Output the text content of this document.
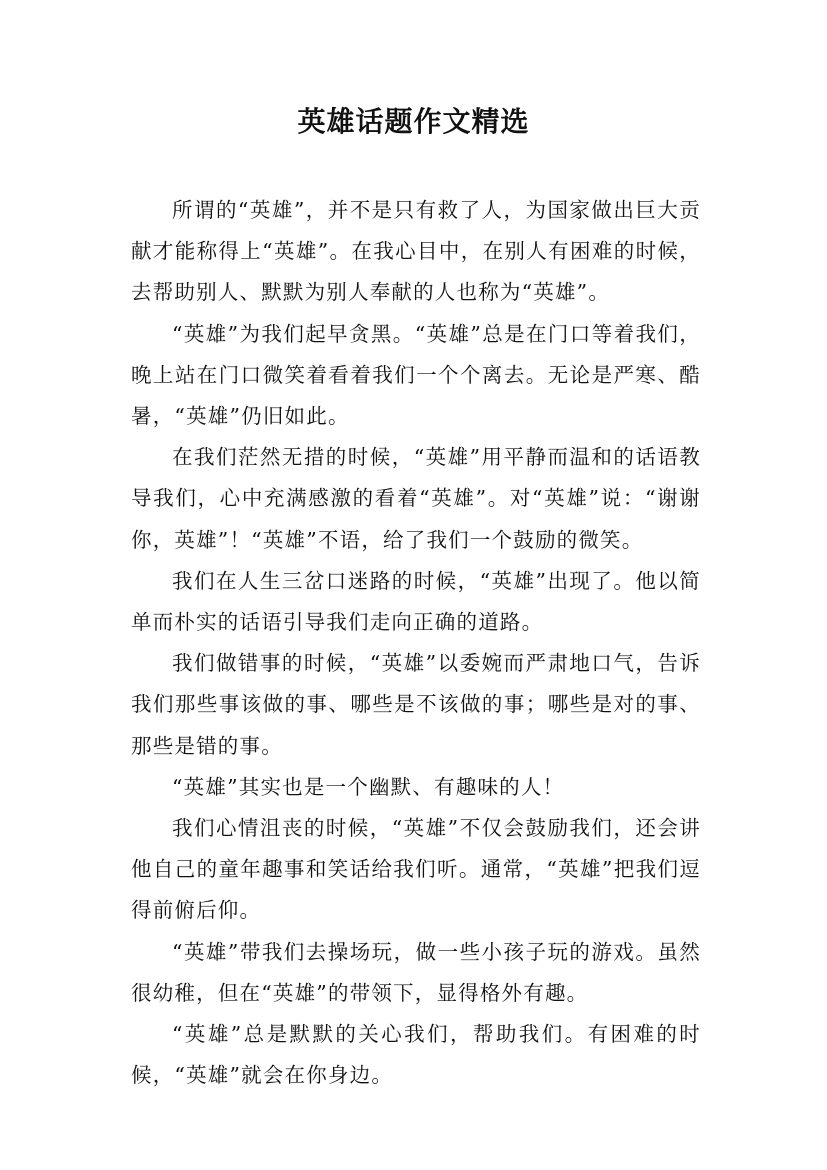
英雄话题作文精选

所谓的“英雄”，并不是只有救了人，为国家做出巨大贡献才能称得上“英雄”。在我心目中，在别人有困难的时候，去帮助别人、默默为别人奉献的人也称为“英雄”。

“英雄”为我们起早贪黑。“英雄”总是在门口等着我们，晚上站在门口微笑着看着我们一个个离去。无论是严寒、酷暑，“英雄”仍旧如此。

在我们茫然无措的时候，“英雄”用平静而温和的话语教导我们，心中充满感激的看着“英雄”。对“英雄”说：“谢谢你，英雄”！“英雄”不语，给了我们一个鼓励的微笑。

我们在人生三岔口迷路的时候，“英雄”出现了。他以简单而朴实的话语引导我们走向正确的道路。

我们做错事的时候，“英雄”以委婉而严肃地口气，告诉我们那些事该做的事、哪些是不该做的事；哪些是对的事、那些是错的事。

“英雄”其实也是一个幽默、有趣味的人！

我们心情沮丧的时候，“英雄”不仅会鼓励我们，还会讲他自己的童年趣事和笑话给我们听。通常，“英雄”把我们逗得前俯后仰。

“英雄”带我们去操场玩，做一些小孩子玩的游戏。虽然很幼稚，但在“英雄”的带领下，显得格外有趣。

“英雄”总是默默的关心我们，帮助我们。有困难的时候，“英雄”就会在你身边。
